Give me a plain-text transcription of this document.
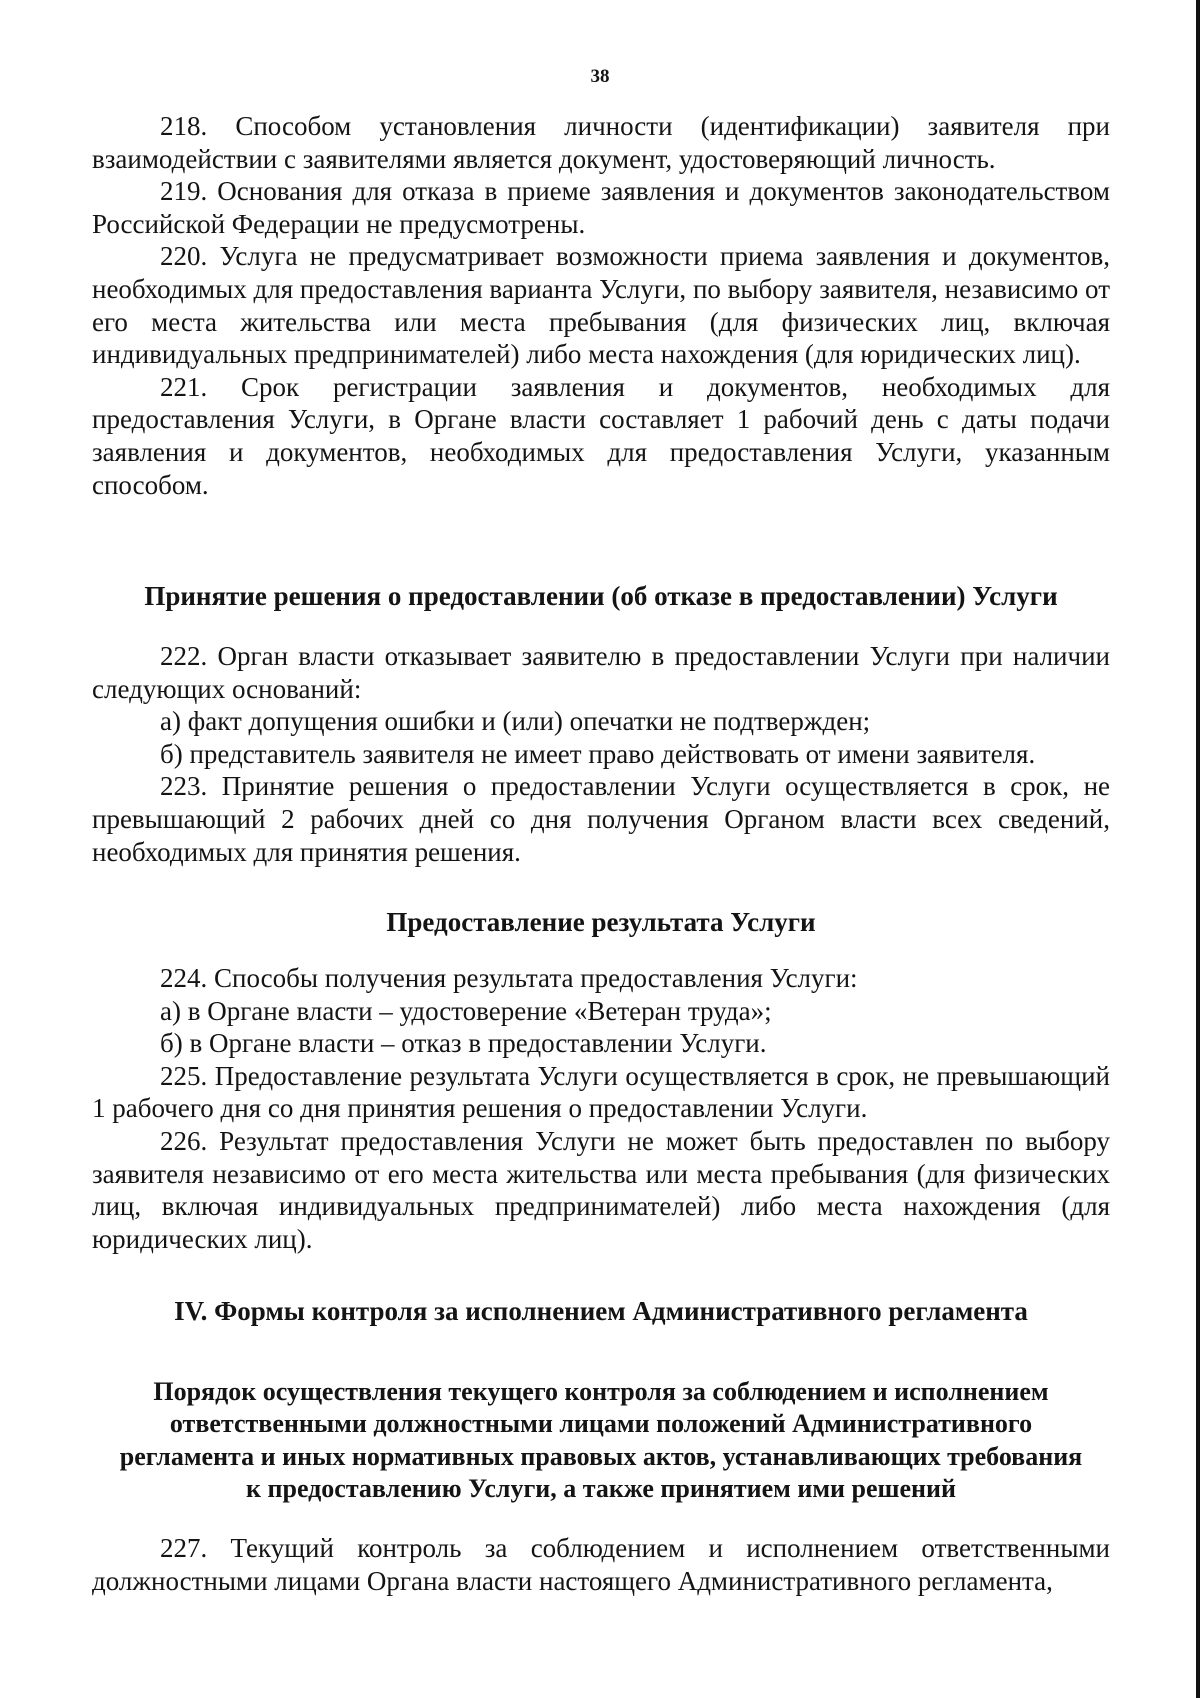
38

218. Способом установления личности (идентификации) заявителя при взаимодействии с заявителями является документ, удостоверяющий личность.

219. Основания для отказа в приеме заявления и документов законодательством Российской Федерации не предусмотрены.

220. Услуга не предусматривает возможности приема заявления и документов, необходимых для предоставления варианта Услуги, по выбору заявителя, независимо от его места жительства или места пребывания (для физических лиц, включая индивидуальных предпринимателей) либо места нахождения (для юридических лиц).

221. Срок регистрации заявления и документов, необходимых для предоставления Услуги, в Органе власти составляет 1 рабочий день с даты подачи заявления и документов, необходимых для предоставления Услуги, указанным способом.

Принятие решения о предоставлении (об отказе в предоставлении) Услуги

222. Орган власти отказывает заявителю в предоставлении Услуги при наличии следующих оснований:

а) факт допущения ошибки и (или) опечатки не подтвержден;

б) представитель заявителя не имеет право действовать от имени заявителя.

223. Принятие решения о предоставлении Услуги осуществляется в срок, не превышающий 2 рабочих дней со дня получения Органом власти всех сведений, необходимых для принятия решения.

Предоставление результата Услуги

224. Способы получения результата предоставления Услуги:

а) в Органе власти – удостоверение «Ветеран труда»;

б) в Органе власти – отказ в предоставлении Услуги.

225. Предоставление результата Услуги осуществляется в срок, не превышающий 1 рабочего дня со дня принятия решения о предоставлении Услуги.

226. Результат предоставления Услуги не может быть предоставлен по выбору заявителя независимо от его места жительства или места пребывания (для физических лиц, включая индивидуальных предпринимателей) либо места нахождения (для юридических лиц).

IV. Формы контроля за исполнением Административного регламента
Порядок осуществления текущего контроля за соблюдением и исполнением ответственными должностными лицами положений Административного регламента и иных нормативных правовых актов, устанавливающих требования к предоставлению Услуги, а также принятием ими решений

227. Текущий контроль за соблюдением и исполнением ответственными должностными лицами Органа власти настоящего Административного регламента,
